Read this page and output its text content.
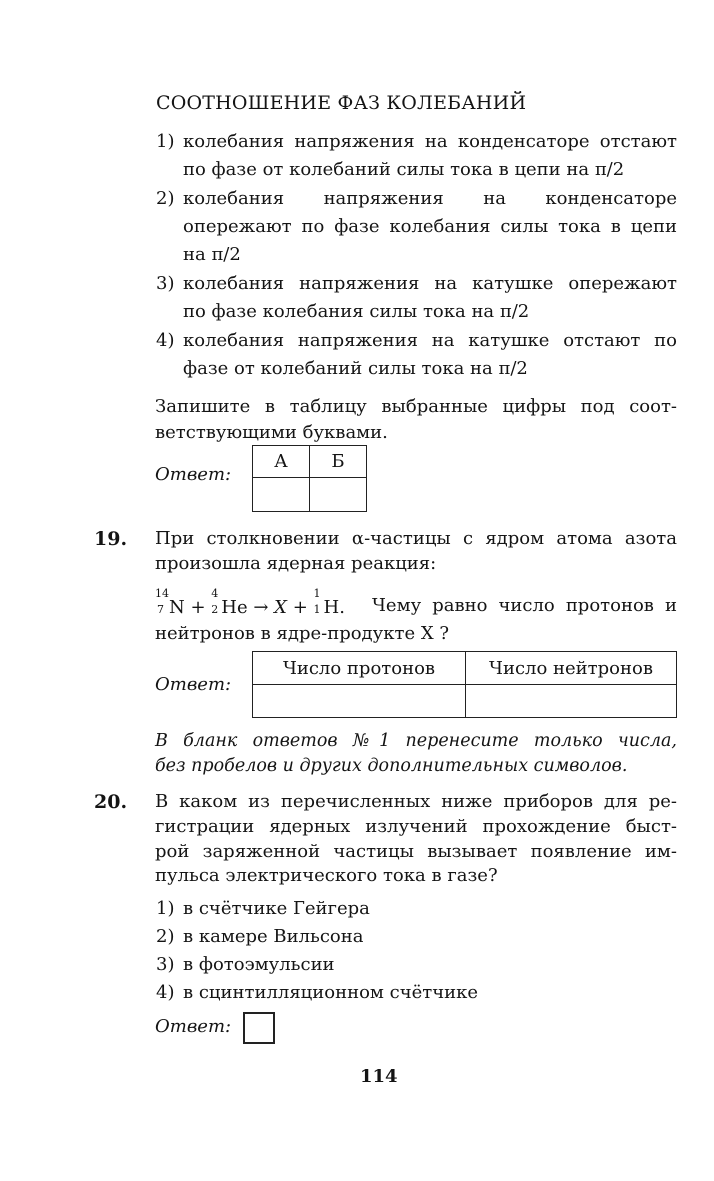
СООТНОШЕНИЕ ФАЗ КОЛЕБАНИЙ
1) колебания напряжения на конденсаторе отстают
по фазе от колебаний силы тока в цепи на π/2
2) колебания напряжения на конденсаторе
опережают по фазе колебания силы тока в цепи
на π/2
3) колебания напряжения на катушке опережают
по фазе колебания силы тока на π/2
4) колебания напряжения на катушке отстают по
фазе от колебаний силы тока на π/2
Запишите в таблицу выбранные цифры под соот-
ветствующими буквами.
Ответ:
А	Б

19. При столкновении α-частицы с ядром атома азота
произошла ядерная реакция:
14
7 N +
4
2 He → X +
1
1 H. Чему равно число протонов и
нейтронов в ядре-продукте X ?
Ответ:
Число протонов	Число нейтронов

В бланк ответов №1 перенесите только числа,
без пробелов и других дополнительных символов.
20. В каком из перечисленных ниже приборов для ре-
гистрации ядерных излучений прохождение быст-
рой заряженной частицы вызывает появление им-
пульса электрического тока в газе?
1) в счётчике Гейгера
2) в камере Вильсона
3) в фотоэмульсии
4) в сцинтилляционном счётчике
Ответ:
114
